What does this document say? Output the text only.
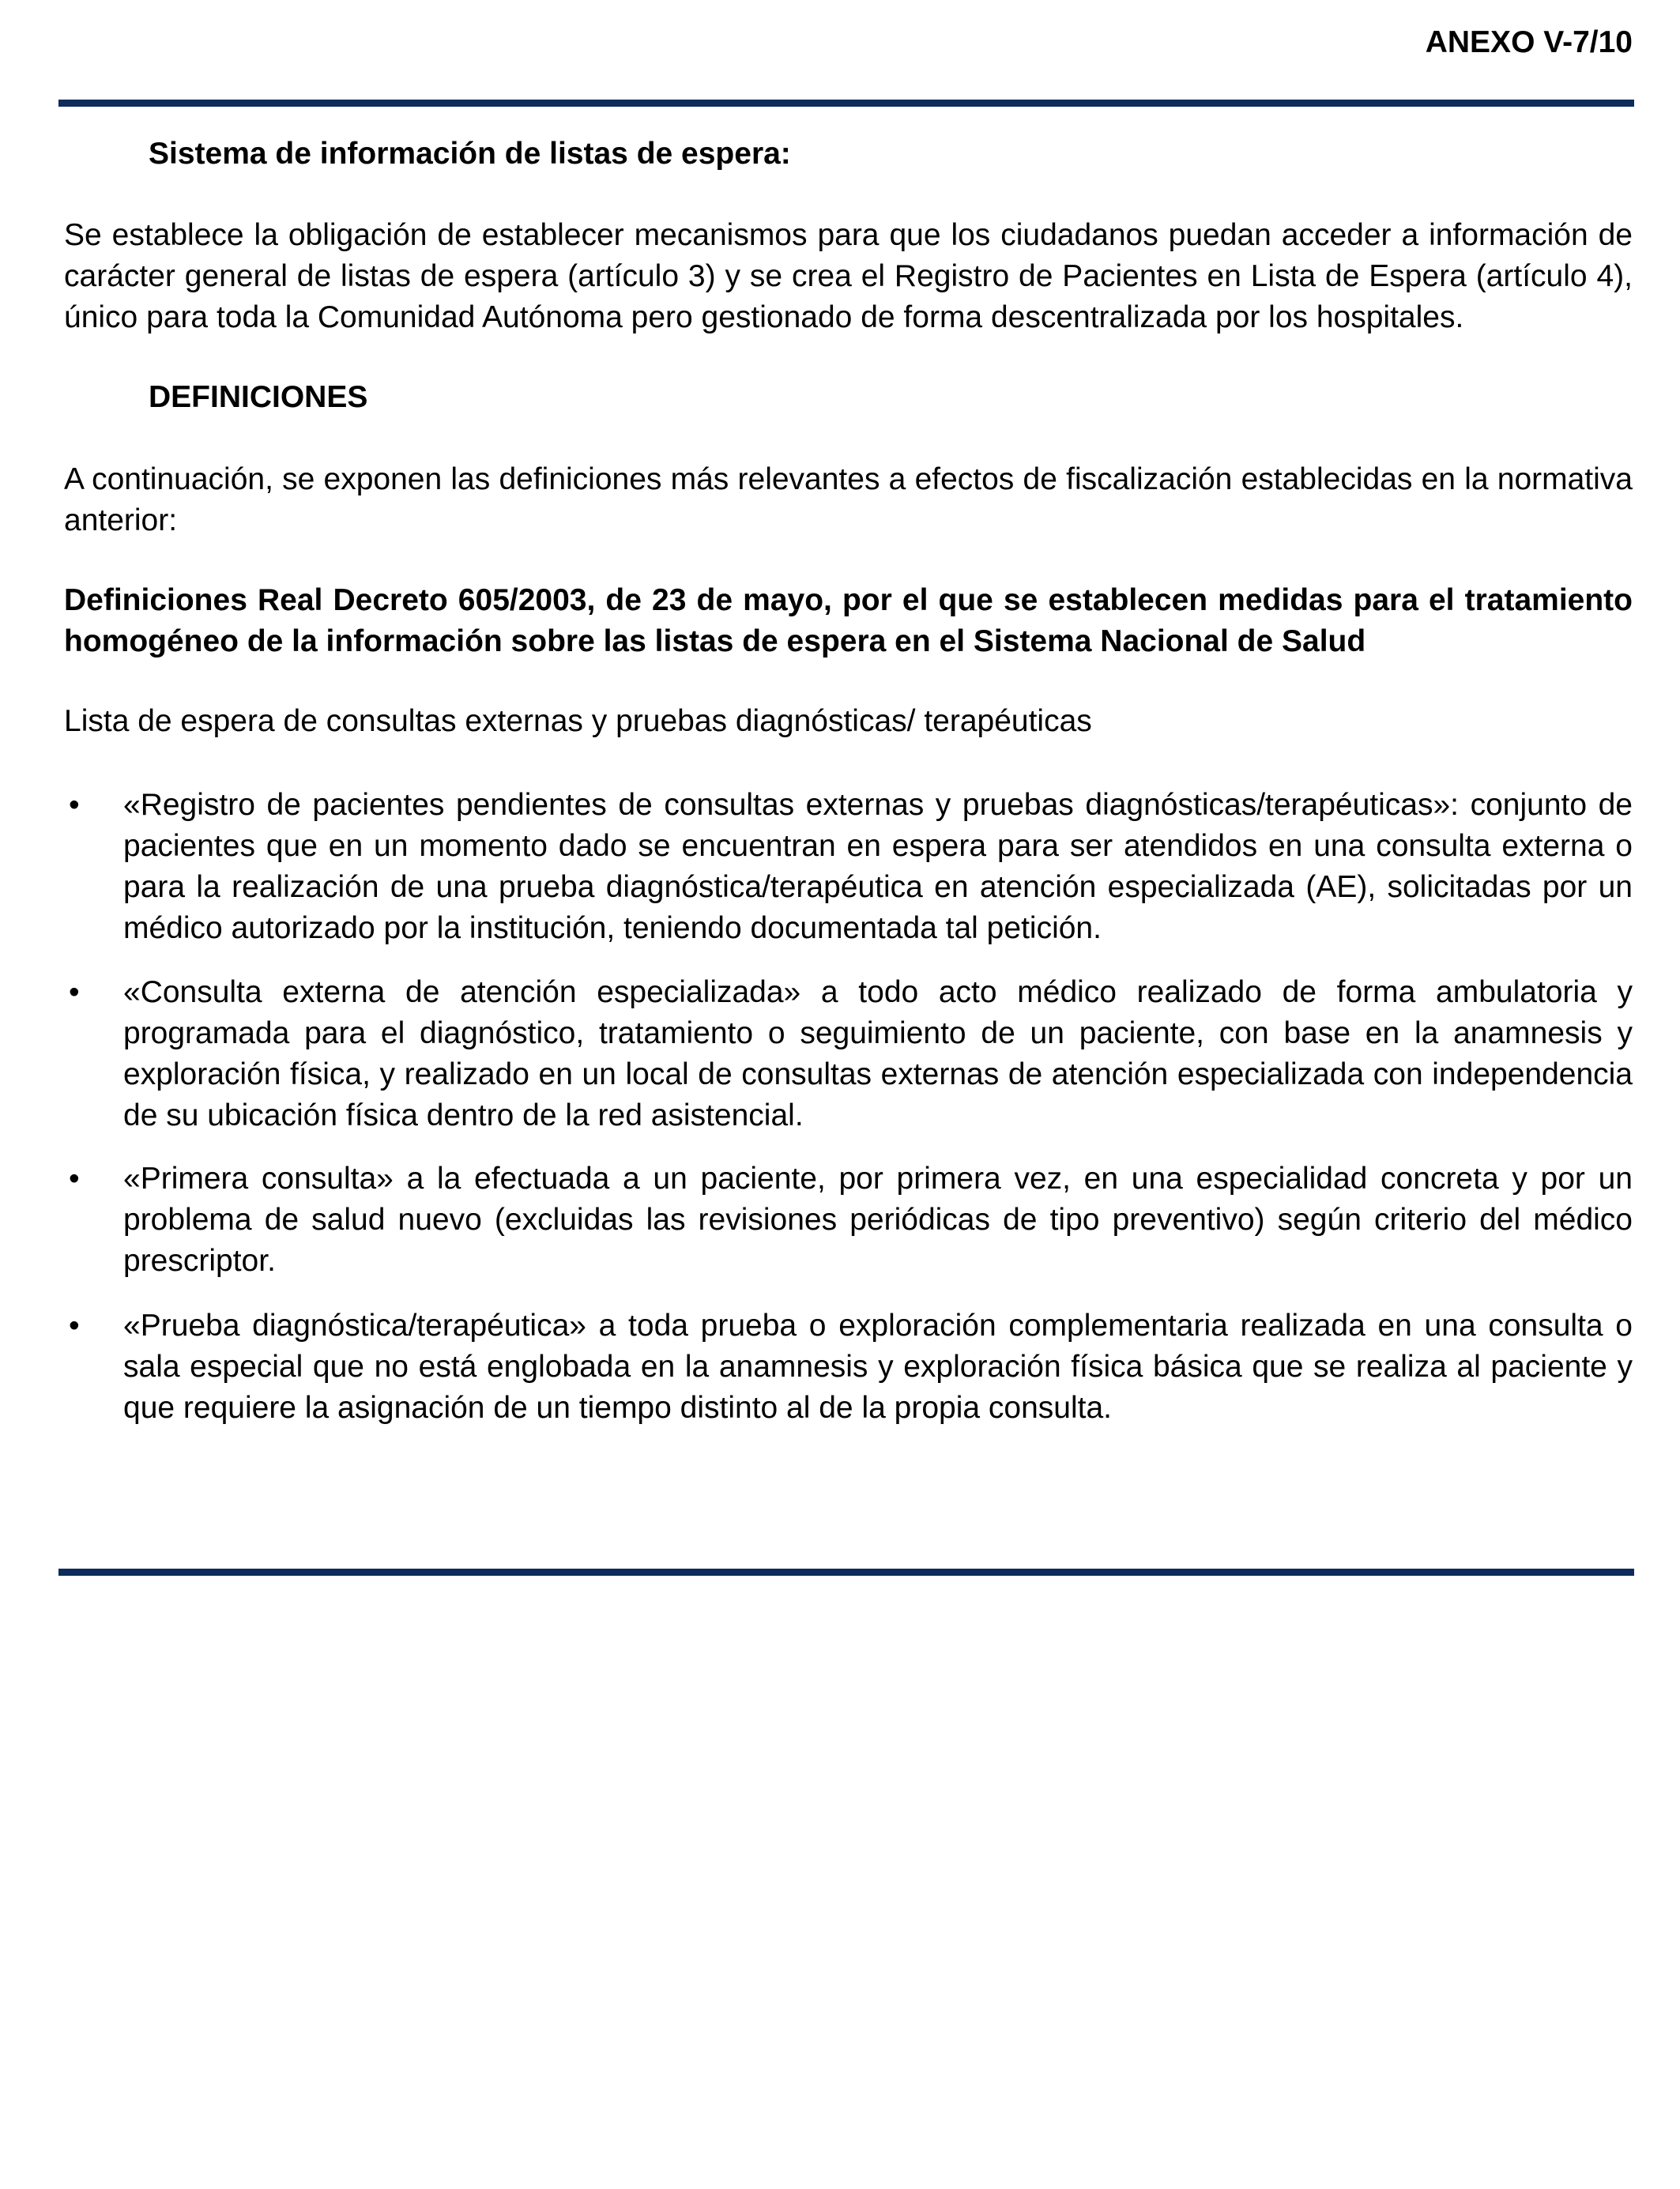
ANEXO V-7/10

Sistema de información de listas de espera:

Se establece la obligación de establecer mecanismos para que los ciudadanos puedan acceder a información de carácter general de listas de espera (artículo 3) y se crea el Registro de Pacientes en Lista de Espera (artículo 4), único para toda la Comunidad Autónoma pero gestionado de forma descentralizada por los hospitales.

DEFINICIONES

A continuación, se exponen las definiciones más relevantes a efectos de fiscalización establecidas en la normativa anterior:

Definiciones Real Decreto 605/2003, de 23 de mayo, por el que se establecen medidas para el tratamiento homogéneo de la información sobre las listas de espera en el Sistema Nacional de Salud

Lista de espera de consultas externas y pruebas diagnósticas/ terapéuticas

• «Registro de pacientes pendientes de consultas externas y pruebas diagnósticas/terapéuticas»: conjunto de pacientes que en un momento dado se encuentran en espera para ser atendidos en una consulta externa o para la realización de una prueba diagnóstica/terapéutica en atención especializada (AE), solicitadas por un médico autorizado por la institución, teniendo documentada tal petición.
• «Consulta externa de atención especializada» a todo acto médico realizado de forma ambulatoria y programada para el diagnóstico, tratamiento o seguimiento de un paciente, con base en la anamnesis y exploración física, y realizado en un local de consultas externas de atención especializada con independencia de su ubicación física dentro de la red asistencial.
• «Primera consulta» a la efectuada a un paciente, por primera vez, en una especialidad concreta y por un problema de salud nuevo (excluidas las revisiones periódicas de tipo preventivo) según criterio del médico prescriptor.
• «Prueba diagnóstica/terapéutica» a toda prueba o exploración complementaria realizada en una consulta o sala especial que no está englobada en la anamnesis y exploración física básica que se realiza al paciente y que requiere la asignación de un tiempo distinto al de la propia consulta.
